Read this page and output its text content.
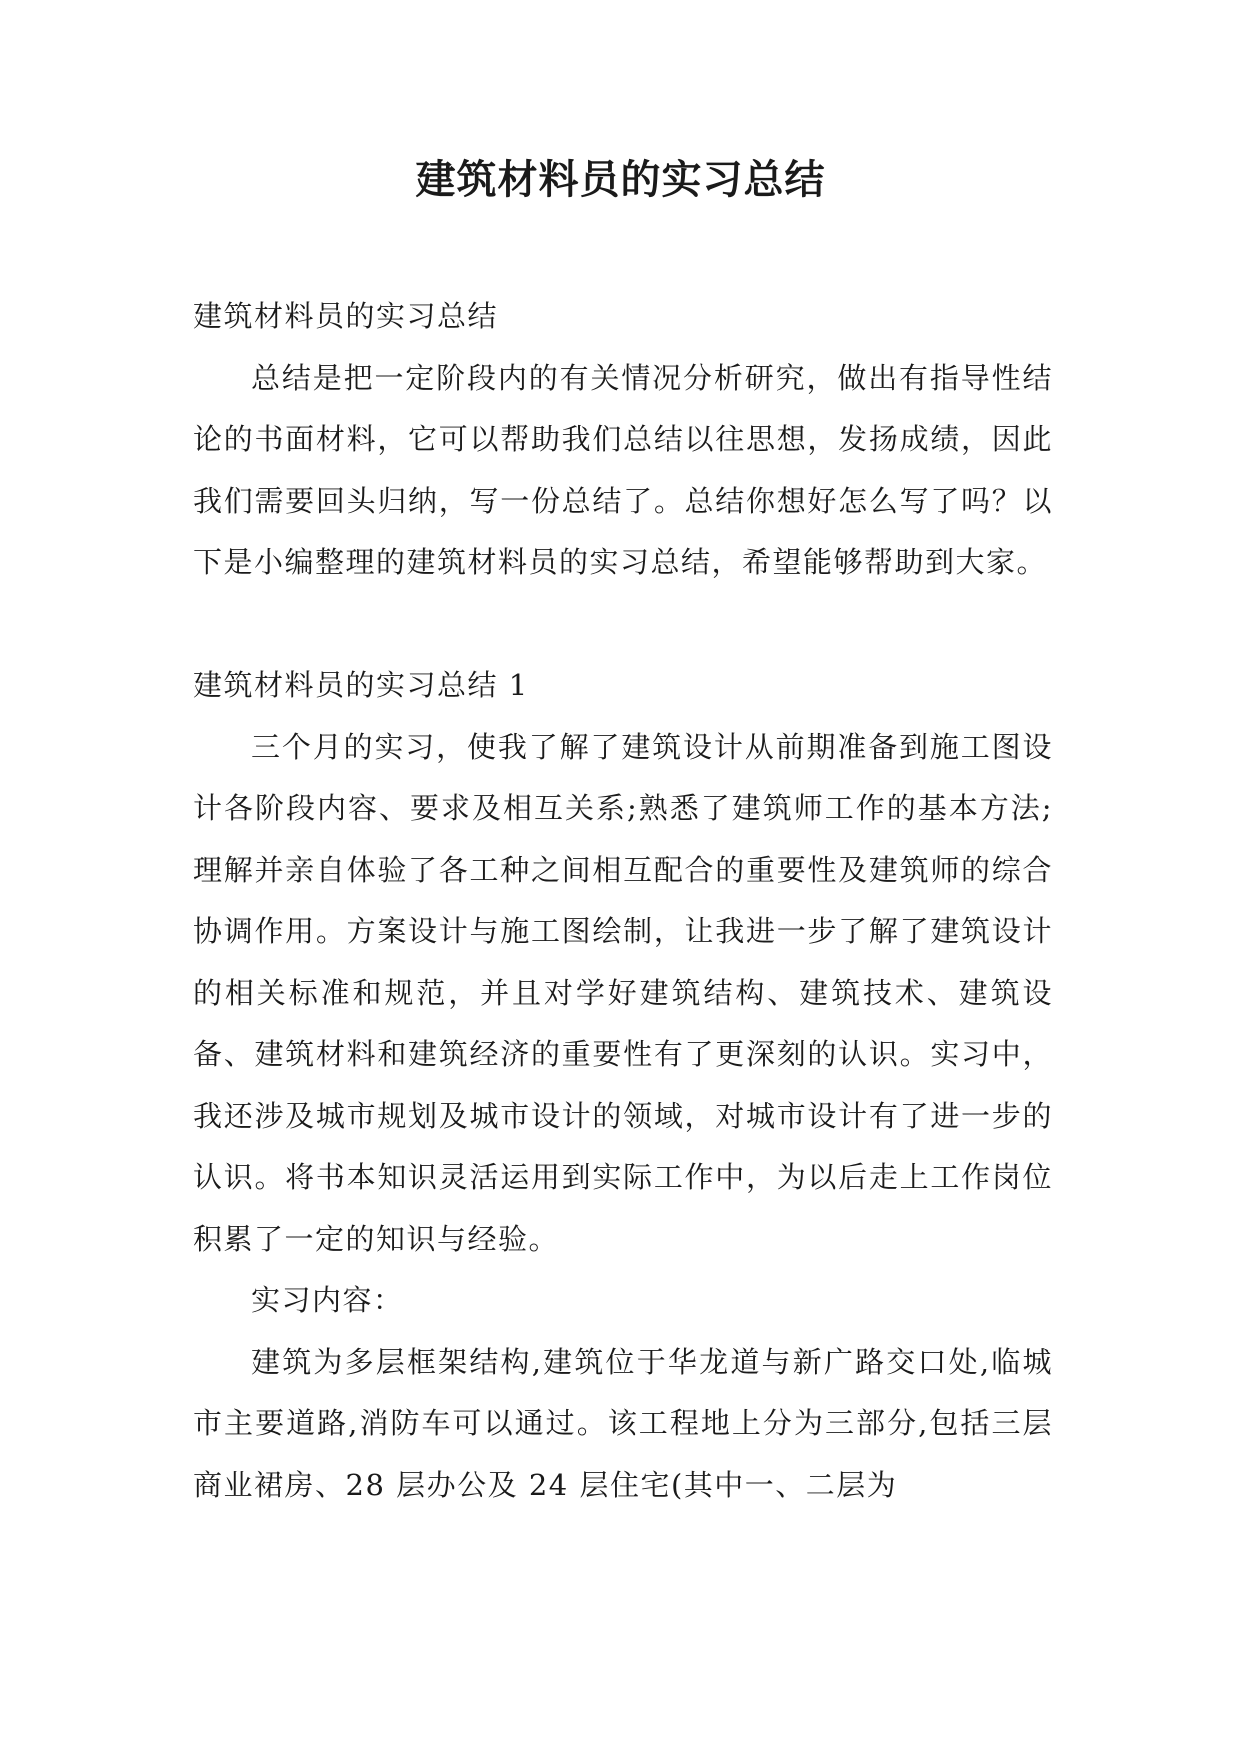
建筑材料员的实习总结

建筑材料员的实习总结

总结是把一定阶段内的有关情况分析研究，做出有指导性结论的书面材料，它可以帮助我们总结以往思想，发扬成绩，因此我们需要回头归纳，写一份总结了。总结你想好怎么写了吗？以下是小编整理的建筑材料员的实习总结，希望能够帮助到大家。

建筑材料员的实习总结 1

三个月的实习，使我了解了建筑设计从前期准备到施工图设计各阶段内容、要求及相互关系;熟悉了建筑师工作的基本方法;理解并亲自体验了各工种之间相互配合的重要性及建筑师的综合协调作用。方案设计与施工图绘制，让我进一步了解了建筑设计的相关标准和规范，并且对学好建筑结构、建筑技术、建筑设备、建筑材料和建筑经济的重要性有了更深刻的认识。实习中，我还涉及城市规划及城市设计的领域，对城市设计有了进一步的认识。将书本知识灵活运用到实际工作中，为以后走上工作岗位积累了一定的知识与经验。

实习内容：

建筑为多层框架结构,建筑位于华龙道与新广路交口处,临城市主要道路,消防车可以通过。该工程地上分为三部分,包括三层商业裙房、28 层办公及 24 层住宅(其中一、二层为
